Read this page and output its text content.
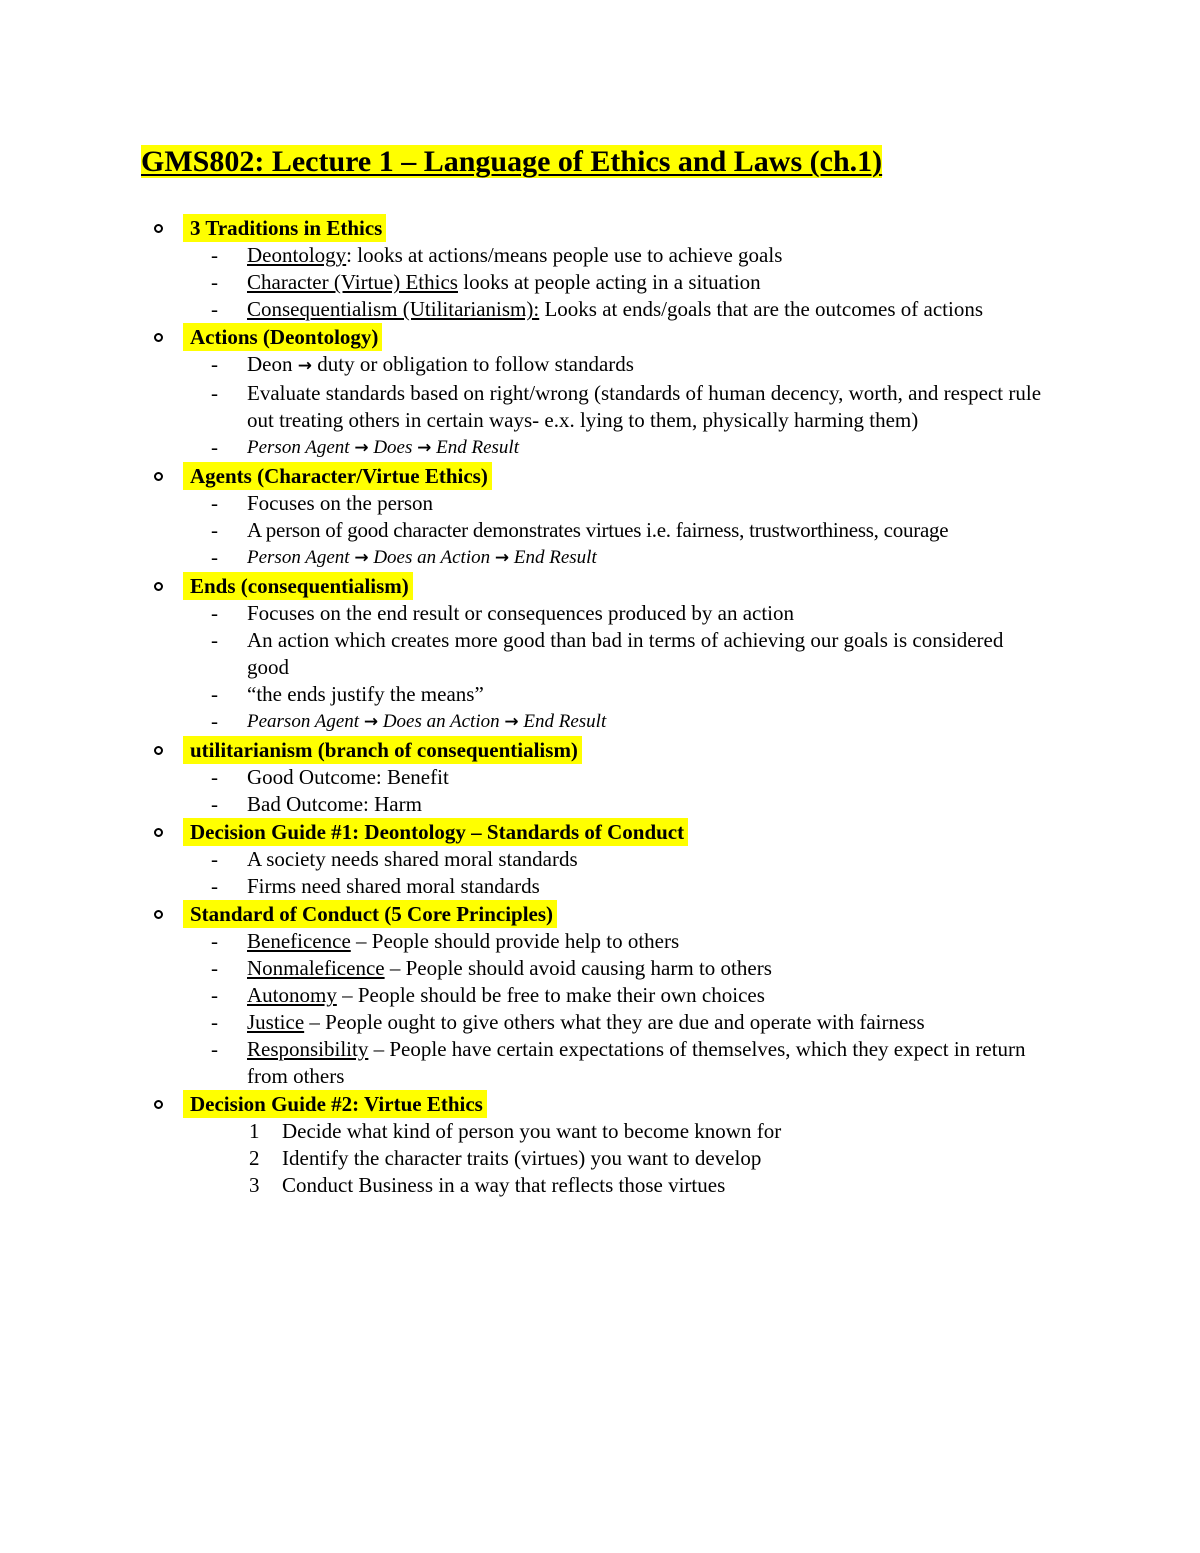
GMS802: Lecture 1 – Language of Ethics and Laws (ch.1)
3 Traditions in Ethics
- Deontology: looks at actions/means people use to achieve goals
- Character (Virtue) Ethics looks at people acting in a situation
- Consequentialism (Utilitarianism): Looks at ends/goals that are the outcomes of actions
Actions (Deontology)
- Deon → duty or obligation to follow standards
- Evaluate standards based on right/wrong (standards of human decency, worth, and respect rule out treating others in certain ways- e.x. lying to them, physically harming them)
- Person Agent → Does → End Result
Agents (Character/Virtue Ethics)
- Focuses on the person
- A person of good character demonstrates virtues i.e. fairness, trustworthiness, courage
- Person Agent → Does an Action → End Result
Ends (consequentialism)
- Focuses on the end result or consequences produced by an action
- An action which creates more good than bad in terms of achieving our goals is considered good
- “the ends justify the means”
- Pearson Agent → Does an Action → End Result
utilitarianism (branch of consequentialism)
- Good Outcome: Benefit
- Bad Outcome: Harm
Decision Guide #1: Deontology – Standards of Conduct
- A society needs shared moral standards
- Firms need shared moral standards
Standard of Conduct (5 Core Principles)
- Beneficence – People should provide help to others
- Nonmaleficence – People should avoid causing harm to others
- Autonomy – People should be free to make their own choices
- Justice – People ought to give others what they are due and operate with fairness
- Responsibility – People have certain expectations of themselves, which they expect in return from others
Decision Guide #2: Virtue Ethics
1 Decide what kind of person you want to become known for
2 Identify the character traits (virtues) you want to develop
3 Conduct Business in a way that reflects those virtues
